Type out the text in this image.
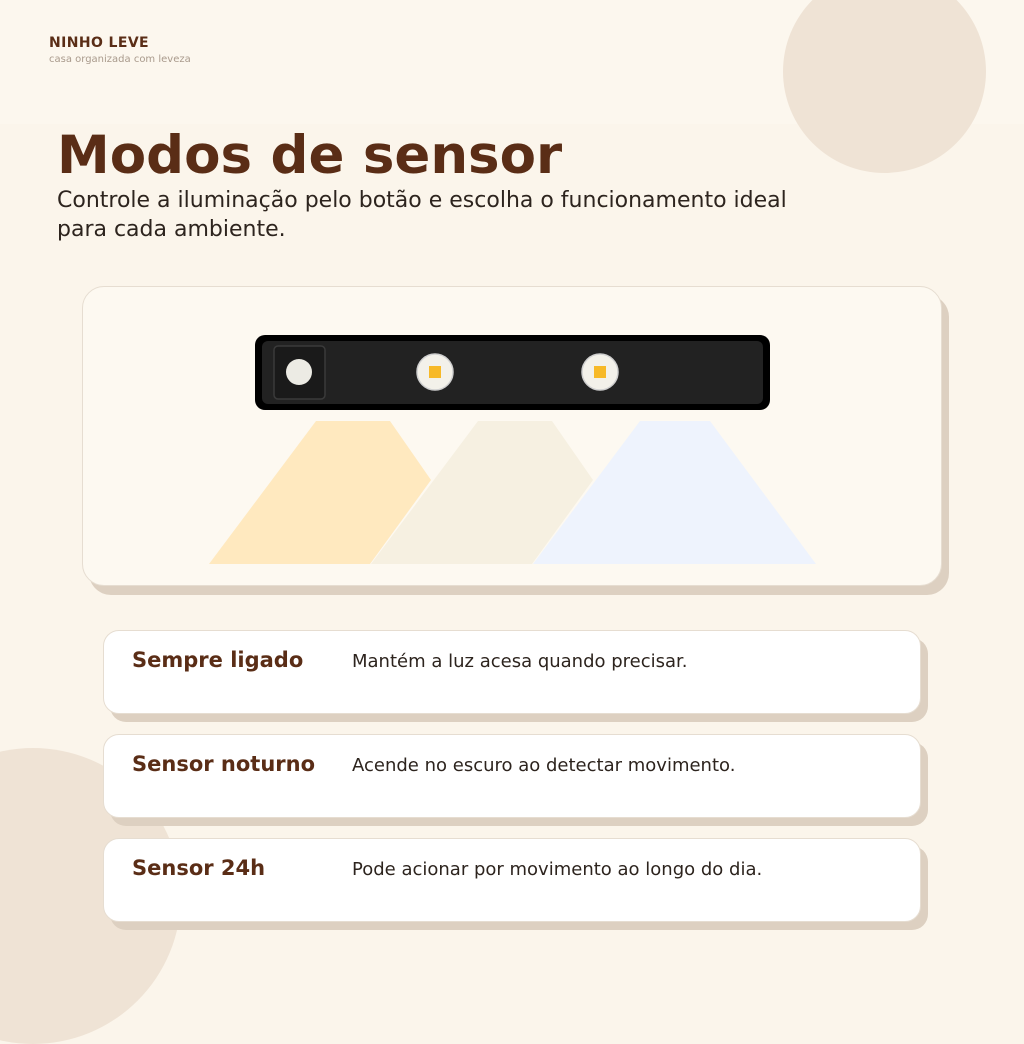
NINHO LEVE
casa organizada com leveza
Modos de sensor

Controle a iluminação pelo botão e escolha o funcionamento ideal para cada ambiente.

Sempre ligado	Mantém a luz acesa quando precisar.
Sensor noturno Acende no escuro ao detectar movimento.
Sensor 24h	Pode acionar por movimento ao longo do dia.
